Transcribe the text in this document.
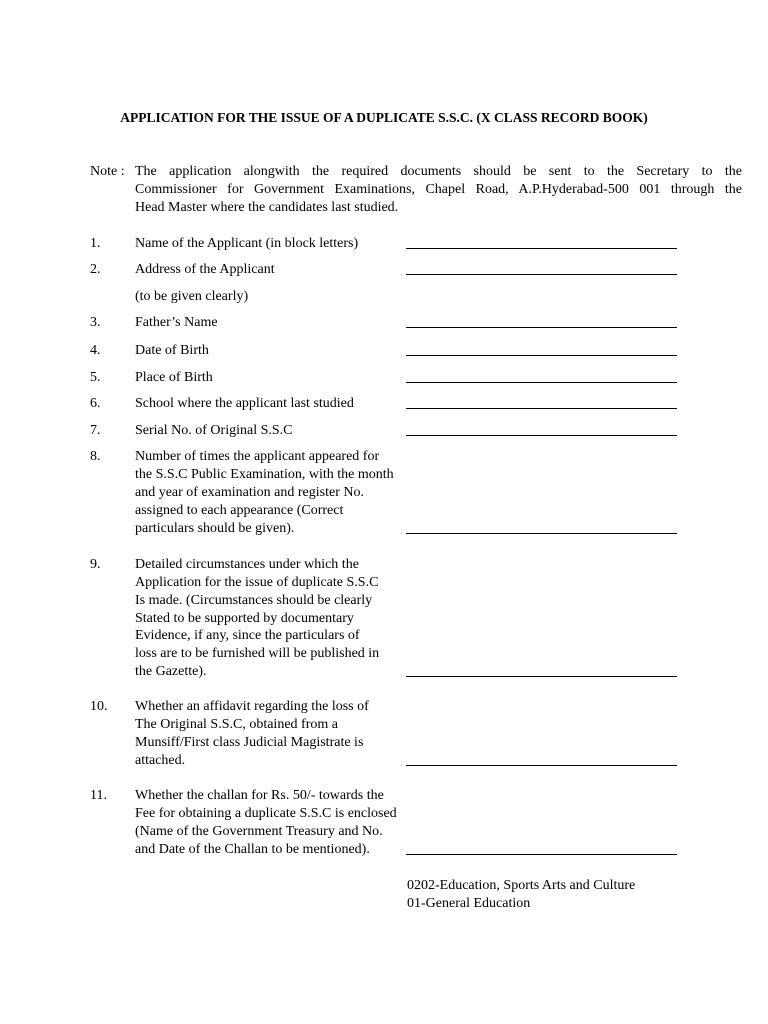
APPLICATION FOR THE ISSUE OF A DUPLICATE S.S.C. (X CLASS RECORD BOOK)
Note : The application alongwith the required documents should be sent to the Secretary to the
Commissioner for Government Examinations, Chapel Road, A.P.Hyderabad-500 001 through the
Head Master where the candidates last studied.
1. Name of the Applicant (in block letters)
2. Address of the Applicant
(to be given clearly)
3. Father’s Name
4. Date of Birth
5. Place of Birth
6. School where the applicant last studied
7. Serial No. of Original S.S.C
8. Number of times the applicant appeared for
the S.S.C Public Examination, with the month
and year of examination and register No.
assigned to each appearance (Correct
particulars should be given).
9. Detailed circumstances under which the
Application for the issue of duplicate S.S.C
Is made. (Circumstances should be clearly
Stated to be supported by documentary
Evidence, if any, since the particulars of
loss are to be furnished will be published in
the Gazette).
10. Whether an affidavit regarding the loss of
The Original S.S.C, obtained from a
Munsiff/First class Judicial Magistrate is
attached.
11. Whether the challan for Rs. 50/- towards the
Fee for obtaining a duplicate S.S.C is enclosed
(Name of the Government Treasury and No.
and Date of the Challan to be mentioned).
0202-Education, Sports Arts and Culture
01-General Education
